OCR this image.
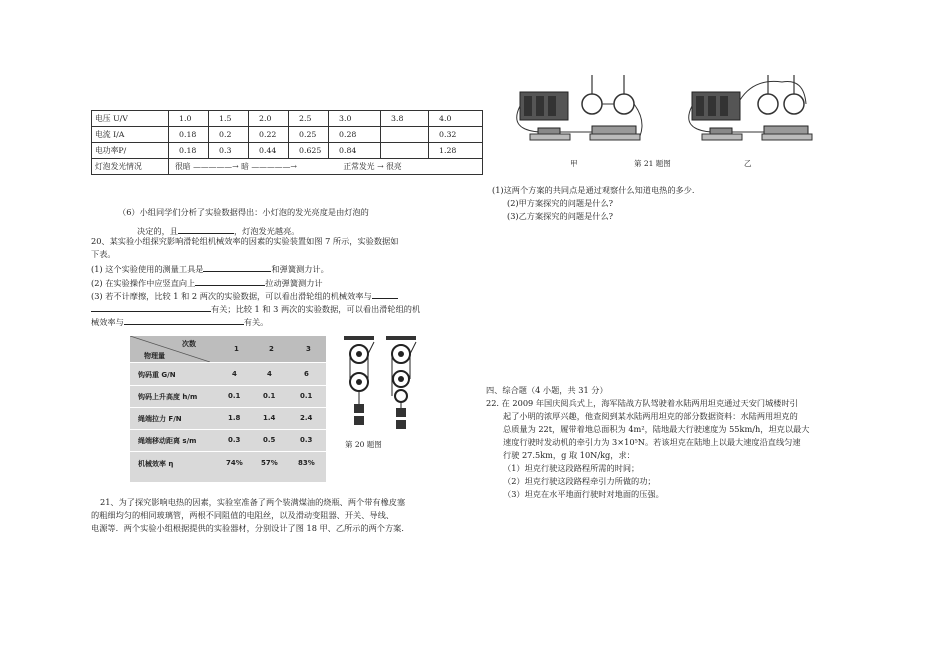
电压 U/V	1.0	1.5	2.0	2.5	3.0	3.8	4.0
电流 I/A	0.18	0.2	0.22	0.25	0.28		0.32
电功率P/	0.18	0.3	0.44	0.625	0.84		1.28
灯泡发光情况	很暗 —————→ 暗 —————→ 正常发光 → 很亮						
（6）小组同学们分析了实验数据得出：小灯泡的发光亮度是由灯泡的
决定的，且	，灯泡发光越亮。
20、某实验小组探究影响滑轮组机械效率的因素的实验装置如图 7 所示，实验数据如
下表。
(1) 这个实验使用的测量工具是	和弹簧测力计。
(2) 在实验操作中应竖直向上	拉动弹簧测力计
(3) 若不计摩擦，比较 1 和 2 两次的实验数据，可以看出滑轮组的机械效率与
有关；比较 1 和 3 两次的实验数据，可以看出滑轮组的机
械效率与	有关。
次数
物理量
1	2	3
钩码重 G/N	4	4	6
钩码上升高度 h/m	0.1	0.1	0.1
绳端拉力 F/N	1.8	1.4	2.4
绳端移动距离 s/m	0.3	0.5	0.3
机械效率 η	74%	57%	83%
第 20 题图
21、为了探究影响电热的因素，实验室准备了两个装满煤油的烧瓶、两个带有橡皮塞
的粗细均匀的相同玻璃管，两根不同阻值的电阻丝，以及滑动变阻器、开关、导线、
电源等．两个实验小组根据提供的实验器材，分别设计了图 18 甲、乙所示的两个方案．
甲	第 21 题图	乙
(1)这两个方案的共同点是通过观察什么知道电热的多少.
(2)甲方案探究的问题是什么?
(3)乙方案探究的问题是什么?
四、综合题（4 小题，共 31 分）
22. 在 2009 年国庆阅兵式上，海军陆战方队驾驶着水陆两用坦克通过天安门城楼时引
起了小明的浓厚兴趣，他查阅到某水陆两用坦克的部分数据资料：水陆两用坦克的
总质量为 22t，履带着地总面积为 4m²，陆地最大行驶速度为 55km/h，坦克以最大
速度行驶时发动机的牵引力为 3×10⁵N。若该坦克在陆地上以最大速度沿直线匀速
行驶 27.5km，g 取 10N/kg，求：
（1）坦克行驶这段路程所需的时间；
（2）坦克行驶这段路程牵引力所做的功；
（3）坦克在水平地面行驶时对地面的压强。
